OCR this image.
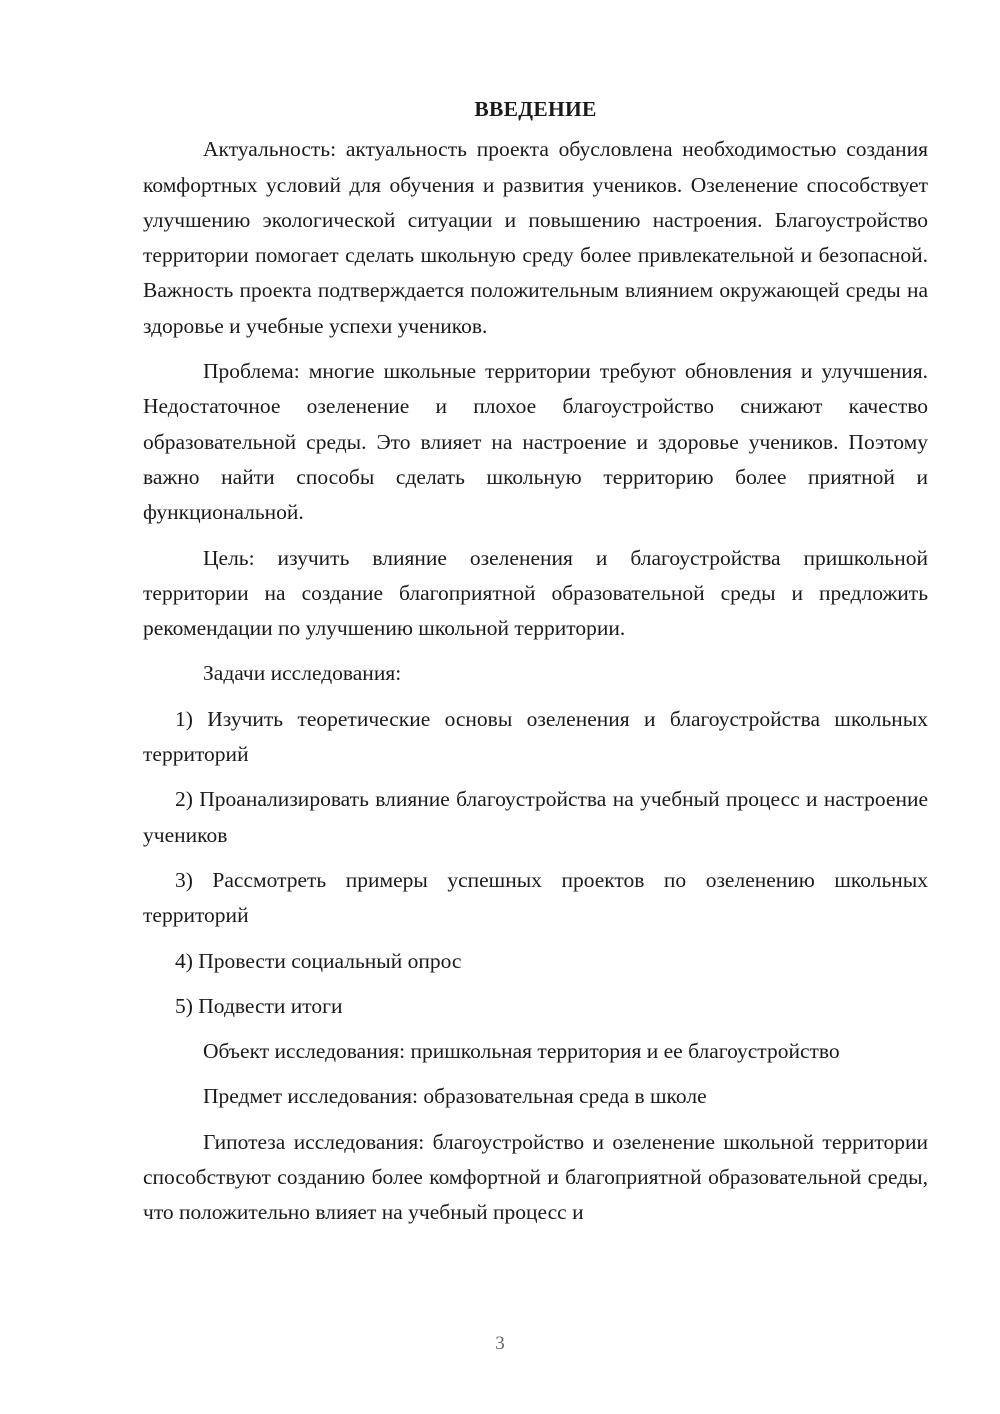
ВВЕДЕНИЕ
Актуальность: актуальность проекта обусловлена необходимостью создания комфортных условий для обучения и развития учеников. Озеленение способствует улучшению экологической ситуации и повышению настроения. Благоустройство территории помогает сделать школьную среду более привлекательной и безопасной. Важность проекта подтверждается положительным влиянием окружающей среды на здоровье и учебные успехи учеников.
Проблема: многие школьные территории требуют обновления и улучшения. Недостаточное озеленение и плохое благоустройство снижают качество образовательной среды. Это влияет на настроение и здоровье учеников. Поэтому важно найти способы сделать школьную территорию более приятной и функциональной.
Цель: изучить влияние озеленения и благоустройства пришкольной территории на создание благоприятной образовательной среды и предложить рекомендации по улучшению школьной территории.
Задачи исследования:
1) Изучить теоретические основы озеленения и благоустройства школьных территорий
2) Проанализировать влияние благоустройства на учебный процесс и настроение учеников
3) Рассмотреть примеры успешных проектов по озеленению школьных территорий
4) Провести социальный опрос
5) Подвести итоги
Объект исследования: пришкольная территория и ее благоустройство
Предмет исследования: образовательная среда в школе
Гипотеза исследования: благоустройство и озеленение школьной территории способствуют созданию более комфортной и благоприятной образовательной среды, что положительно влияет на учебный процесс и
3
